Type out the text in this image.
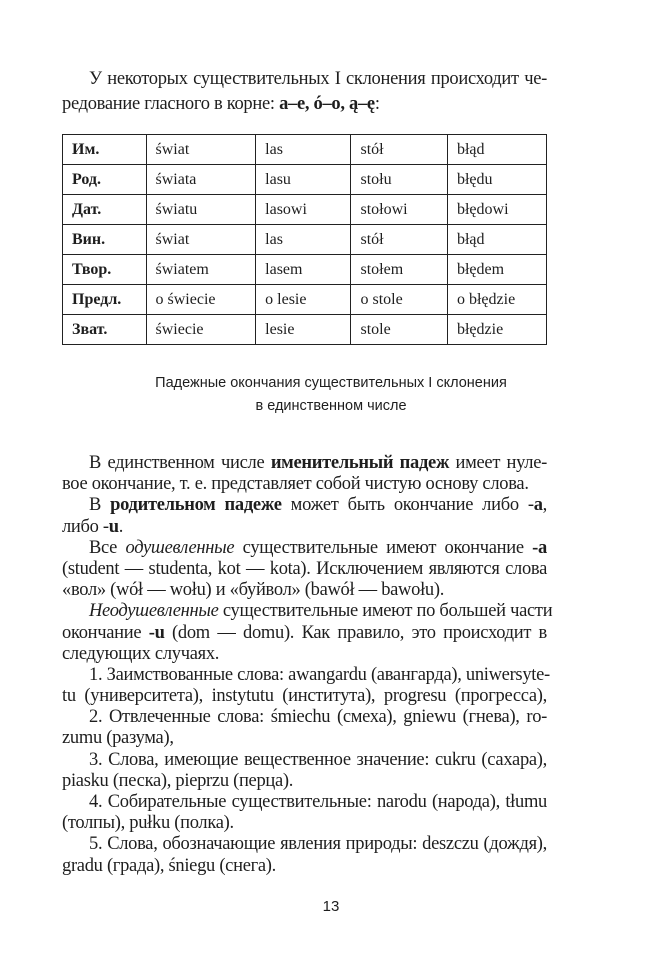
У некоторых существительных I склонения происходит че-
редование гласного в корне: a–e, ó–o, ą–ę:
Им.	świat	las	stół	błąd
Род.	świata	lasu	stołu	błędu
Дат.	światu	lasowi	stołowi	błędowi
Вин.	świat	las	stół	błąd
Твор.	światem	lasem	stołem	błędem
Предл.	o świecie	o lesie	o stole	o błędzie
Зват.	świecie	lesie	stole	błędzie
Падежные окончания существительных I склонения
в единственном числе
В единственном числе именительный падеж имеет нуле-
вое окончание, т. е. представляет собой чистую основу слова.
В родительном падеже может быть окончание либо -a,
либо -u.
Все одушевленные существительные имеют окончание -a
(student — studenta, kot — kota). Исключением являются слова
«вол» (wół — wołu) и «буйвол» (bawół — bawołu).
Неодушевленные существительные имеют по большей части
окончание -u (dom — domu). Как правило, это происходит в
следующих случаях.
1. Заимствованные слова: awangardu (авангарда), uniwersyte-
tu (университета), instytutu (института), progresu (прогресса),
2. Отвлеченные слова: śmiechu (смеха), gniewu (гнева), ro-
zumu (разума),
3. Слова, имеющие вещественное значение: cukru (сахара),
piasku (песка), pieprzu (перца).
4. Собирательные существительные: narodu (народа), tłumu
(толпы), pułku (полка).
5. Слова, обозначающие явления природы: deszczu (дождя),
gradu (града), śniegu (снега).
13
